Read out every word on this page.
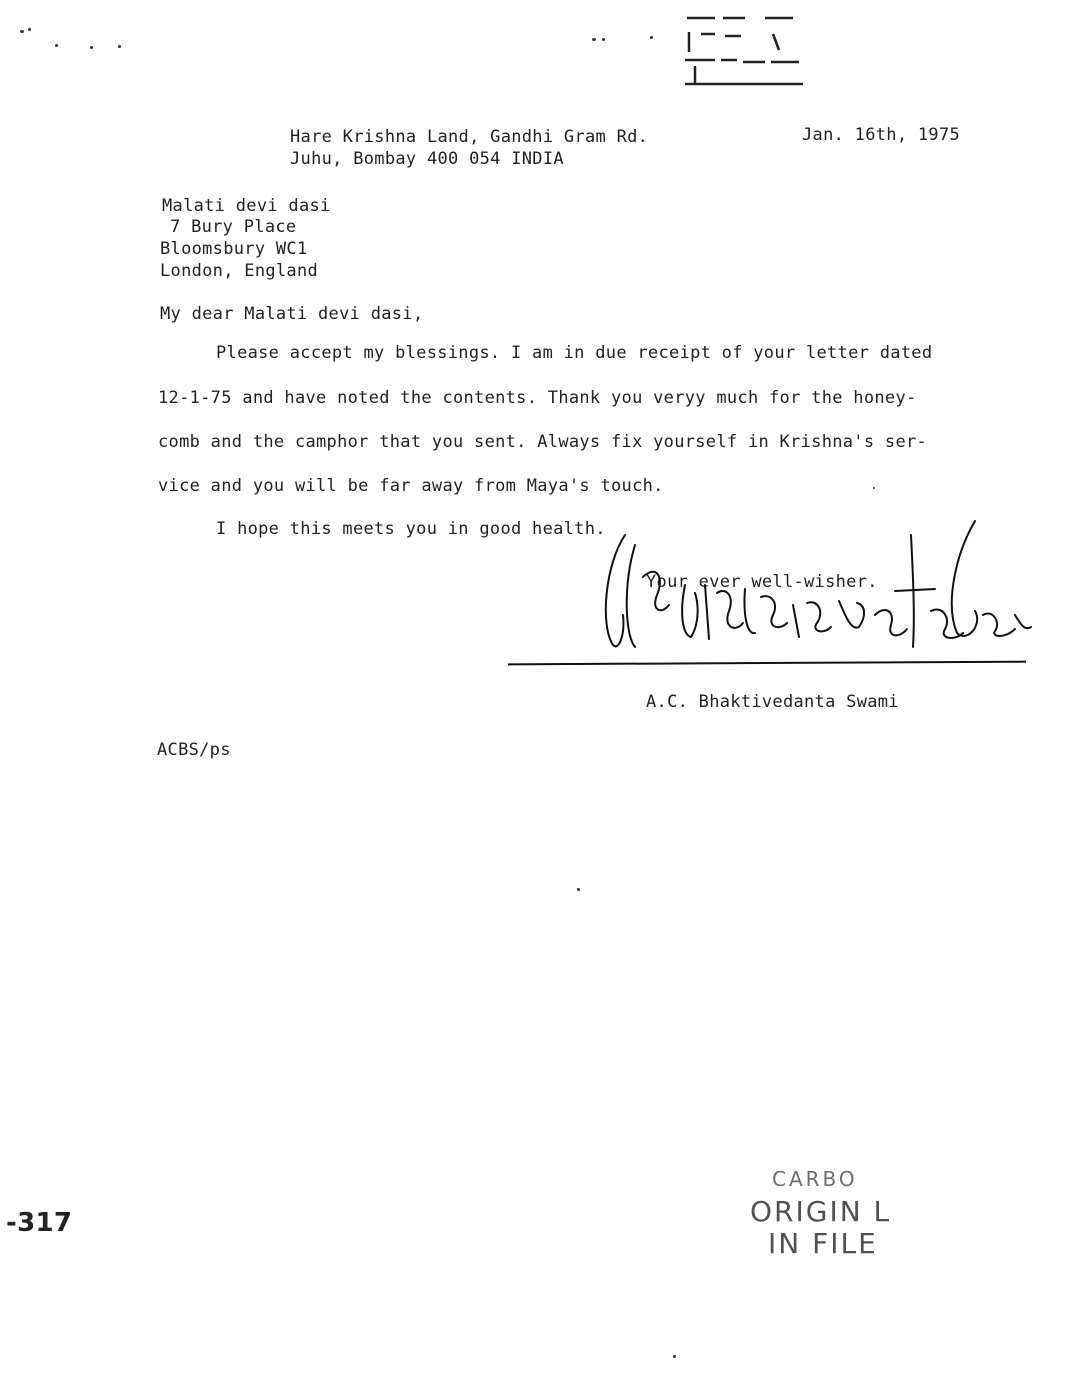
Hare Krishna Land, Gandhi Gram Rd.
Juhu, Bombay 400 054 INDIA
Jan. 16th, 1975
Malati devi dasi
7 Bury Place
Bloomsbury WC1
London, England
My dear Malati devi dasi,
Please accept my blessings. I am in due receipt of your letter dated
12-1-75 and have noted the contents. Thank you veryy much for the honey-
comb and the camphor that you sent. Always fix yourself in Krishna's ser-
vice and you will be far away from Maya's touch.
I hope this meets you in good health.
Your ever well-wisher.
A.C. Bhaktivedanta Swami
ACBS/ps
-317
CARBO
ORIGIN L
IN FILE
